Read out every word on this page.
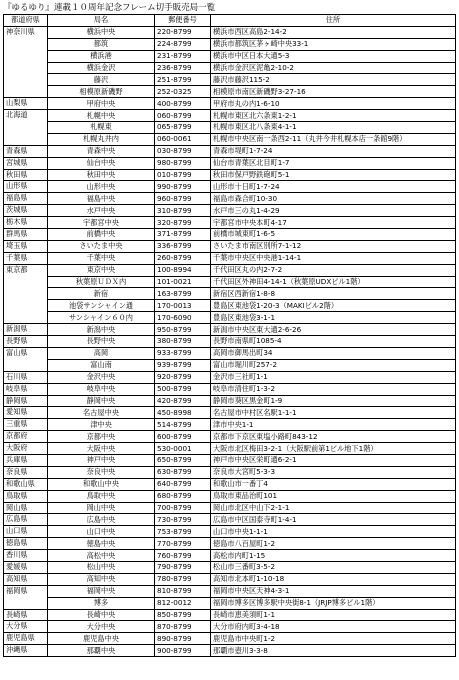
『ゆるゆり』連載１０周年記念フレーム切手販売局一覧
都道府県	局名	郵便番号	住所
神奈川県	横浜中央	220-8799	横浜市西区高島2-14-2
	都筑	224-8799	横浜市都筑区茅ヶ崎中央33-1
	横浜港	231-8799	横浜市中区日本大通5-3
	横浜金沢	236-8799	横浜市金沢区泥亀2-10-2
	藤沢	251-8799	藤沢市藤沢115-2
	相模原新磯野	252-0325	相模原市南区新磯野3-27-16
山梨県	甲府中央	400-8799	甲府市丸の内1-6-10
北海道	札幌中央	060-8799	札幌市東区北六条東1-2-1
	札幌東	065-8799	札幌市東区北八条東4-1-1
	札幌丸井内	060-0061	札幌市中央区南一条西2-11（丸井今井札幌本店一条館9階）
青森県	青森中央	030-8799	青森市堤町1-7-24
宮城県	仙台中央	980-8799	仙台市青葉区北目町1-7
秋田県	秋田中央	010-8799	秋田市保戸野鉄砲町5-1
山形県	山形中央	990-8799	山形市十日町1-7-24
福島県	福島中央	960-8799	福島市森合町10-30
茨城県	水戸中央	310-8799	水戸市三の丸1-4-29
栃木県	宇都宮中央	320-8799	宇都宮市中央本町4-17
群馬県	前橋中央	371-8799	前橋市城東町1-6-5
埼玉県	さいたま中央	336-8799	さいたま市南区別所7-1-12
千葉県	千葉中央	260-8799	千葉市中央区中央港1-14-1
東京都	東京中央	100-8994	千代田区丸の内2-7-2
	秋葉原ＵＤＸ内	101-0021	千代田区外神田4-14-1（秋葉原UDXビル1階）
	新宿	163-8799	新宿区西新宿1-8-8
	池袋サンシャイン通	170-0013	豊島区東池袋1-20-3（MAKIビル2階）
	サンシャイン６０内	170-6090	豊島区東池袋3-1-1
新潟県	新潟中央	950-8799	新潟市中央区東大通2-6-26
長野県	長野中央	380-8799	長野市南県町1085-4
富山県	高岡	933-8799	高岡市御馬出町34
	富山南	939-8799	富山市堀川町257-2
石川県	金沢中央	920-8799	金沢市三社町1-1
岐阜県	岐阜中央	500-8799	岐阜市清住町1-3-2
静岡県	静岡中央	420-8799	静岡市葵区黒金町1-9
愛知県	名古屋中央	450-8998	名古屋市中村区名駅1-1-1
三重県	津中央	514-8799	津市中央1-1
京都府	京都中央	600-8799	京都市下京区東塩小路町843-12
大阪府	大阪中央	530-0001	大阪市北区梅田3-2-1（大阪駅前第1ビル地下1階）
兵庫県	神戸中央	650-8799	神戸市中央区栄町通6-2-1
奈良県	奈良中央	630-8799	奈良市大宮町5-3-3
和歌山県	和歌山中央	640-8799	和歌山市一番丁4
鳥取県	鳥取中央	680-8799	鳥取市東品治町101
岡山県	岡山中央	700-8799	岡山市北区中山下2-1-1
広島県	広島中央	730-8799	広島市中区国泰寺町1-4-1
山口県	山口中央	753-8799	山口市中央1-1-1
徳島県	徳島中央	770-8799	徳島市八百屋町1-2
香川県	高松中央	760-8799	高松市内町1-15
愛媛県	松山中央	790-8799	松山市三番町3-5-2
高知県	高知中央	780-8799	高知市北本町1-10-18
福岡県	福岡中央	810-8799	福岡市中央区天神4-3-1
	博多	812-0012	福岡市博多区博多駅中央街8-1（JRJP博多ビル1階）
長崎県	長崎中央	850-8799	長崎市恵美須町1-1
大分県	大分中央	870-8799	大分市府内町3-4-18
鹿児島県	鹿児島中央	890-8799	鹿児島市中央町1-2
沖縄県	那覇中央	900-8799	那覇市壺川3-3-8
